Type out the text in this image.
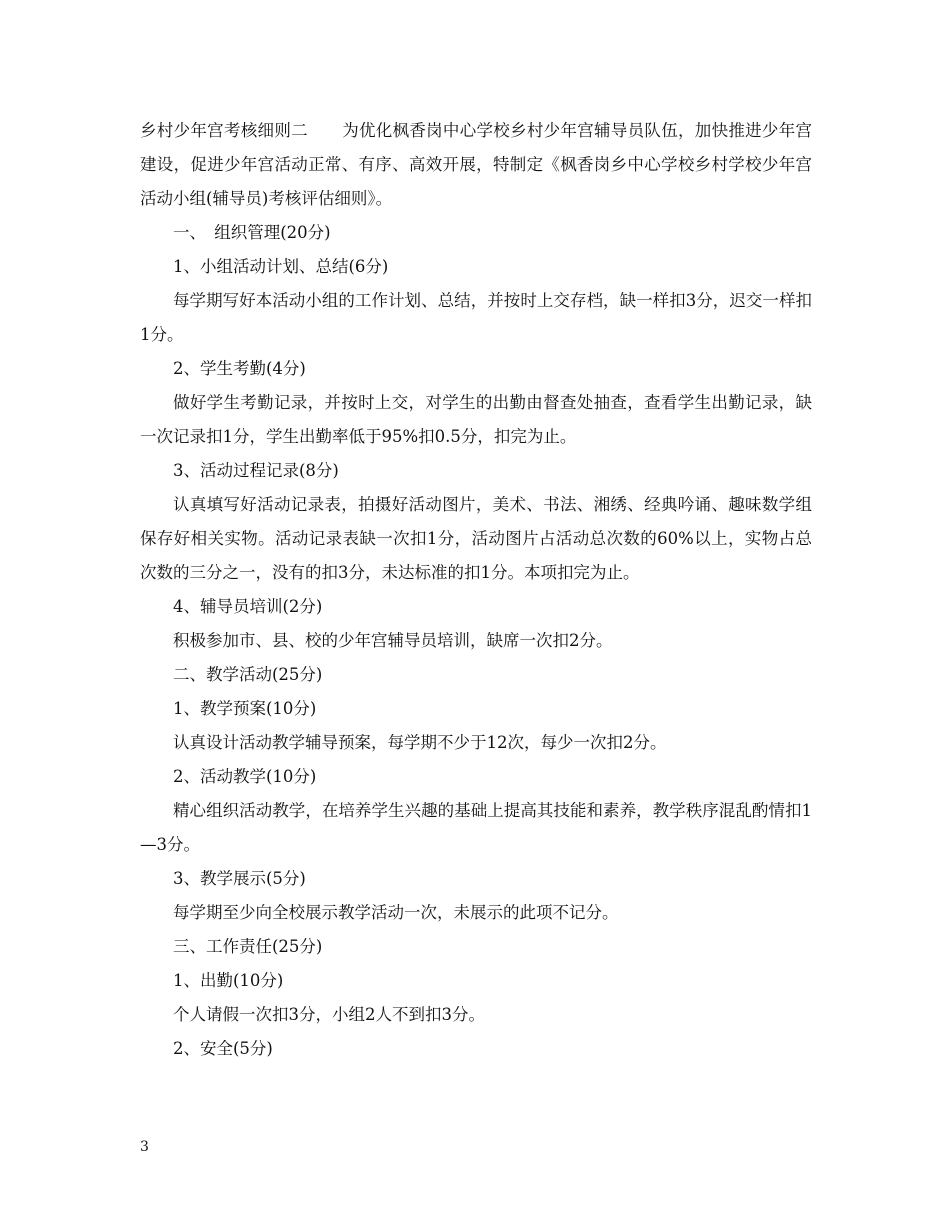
乡村少年宫考核细则二 为优化枫香岗中心学校乡村少年宫辅导员队伍，加快推进少年宫建设，促进少年宫活动正常、有序、高效开展，特制定《枫香岗乡中心学校乡村学校少年宫活动小组(辅导员)考核评估细则》。

一、　组织管理(20分)

1、小组活动计划、总结(6分)

每学期写好本活动小组的工作计划、总结，并按时上交存档，缺一样扣3分，迟交一样扣1分。

2、学生考勤(4分)

做好学生考勤记录，并按时上交，对学生的出勤由督查处抽查，查看学生出勤记录，缺一次记录扣1分，学生出勤率低于95%扣0.5分，扣完为止。

3、活动过程记录(8分)

认真填写好活动记录表，拍摄好活动图片，美术、书法、湘绣、经典吟诵、趣味数学组保存好相关实物。活动记录表缺一次扣1分，活动图片占活动总次数的60%以上，实物占总次数的三分之一，没有的扣3分，未达标准的扣1分。本项扣完为止。

4、辅导员培训(2分)

积极参加市、县、校的少年宫辅导员培训，缺席一次扣2分。

二、教学活动(25分)

1、教学预案(10分)

认真设计活动教学辅导预案，每学期不少于12次，每少一次扣2分。

2、活动教学(10分)

精心组织活动教学，在培养学生兴趣的基础上提高其技能和素养，教学秩序混乱酌情扣1—3分。

3、教学展示(5分)

每学期至少向全校展示教学活动一次，未展示的此项不记分。

三、工作责任(25分)

1、出勤(10分)

个人请假一次扣3分，小组2人不到扣3分。

2、安全(5分)

3
